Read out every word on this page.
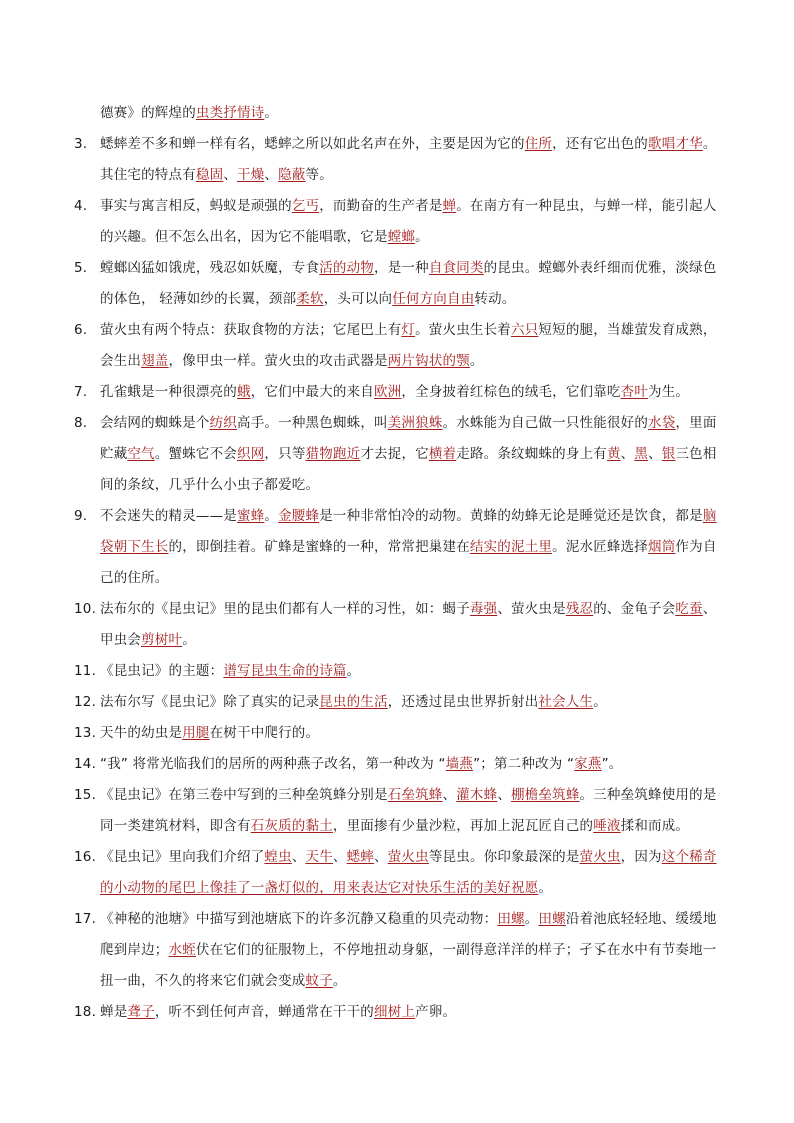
德赛》的辉煌的虫类抒情诗。

3. 蟋蟀差不多和蝉一样有名，蟋蟀之所以如此名声在外，主要是因为它的住所，还有它出色的歌唱才华。其住宅的特点有稳固、干燥、隐蔽等。

4. 事实与寓言相反，蚂蚁是顽强的乞丐，而勤奋的生产者是蝉。在南方有一种昆虫，与蝉一样，能引起人的兴趣。但不怎么出名，因为它不能唱歌，它是螳螂。

5. 螳螂凶猛如饿虎，残忍如妖魔，专食活的动物，是一种自食同类的昆虫。螳螂外表纤细而优雅，淡绿色的体色， 轻薄如纱的长翼，颈部柔软，头可以向任何方向自由转动。

6. 萤火虫有两个特点：获取食物的方法；它尾巴上有灯。萤火虫生长着六只短短的腿，当雄萤发育成熟，会生出翅盖，像甲虫一样。萤火虫的攻击武器是两片钩状的颚。

7. 孔雀蛾是一种很漂亮的蛾，它们中最大的来自欧洲，全身披着红棕色的绒毛，它们靠吃杏叶为生。

8. 会结网的蜘蛛是个纺织高手。一种黑色蜘蛛，叫美洲狼蛛。水蛛能为自己做一只性能很好的水袋，里面贮藏空气。蟹蛛它不会织网，只等猎物跑近才去捉，它横着走路。条纹蜘蛛的身上有黄、黑、银三色相间的条纹，几乎什么小虫子都爱吃。

9. 不会迷失的精灵——是蜜蜂。金腰蜂是一种非常怕冷的动物。黄蜂的幼蜂无论是睡觉还是饮食，都是脑袋朝下生长的，即倒挂着。矿蜂是蜜蜂的一种，常常把巢建在结实的泥土里。泥水匠蜂选择烟筒作为自己的住所。

10. 法布尔的《昆虫记》里的昆虫们都有人一样的习性，如：蝎子毒强、萤火虫是残忍的、金龟子会吃蚕、甲虫会剪树叶。

11. 《昆虫记》的主题：谱写昆虫生命的诗篇。

12. 法布尔写《昆虫记》除了真实的记录昆虫的生活，还透过昆虫世界折射出社会人生。

13. 天牛的幼虫是用腿在树干中爬行的。

14. “我” 将常光临我们的居所的两种燕子改名，第一种改为 “墙燕”；第二种改为 “家燕”。

15. 《昆虫记》在第三卷中写到的三种垒筑蜂分别是石垒筑蜂、灌木蜂、棚檐垒筑蜂。三种垒筑蜂使用的是同一类建筑材料，即含有石灰质的黏土，里面掺有少量沙粒，再加上泥瓦匠自己的唾液揉和而成。

16. 《昆虫记》里向我们介绍了蝗虫、天牛、蟋蟀、萤火虫等昆虫。你印象最深的是萤火虫，因为这个稀奇的小动物的尾巴上像挂了一盏灯似的，用来表达它对快乐生活的美好祝愿。

17. 《神秘的池塘》中描写到池塘底下的许多沉静又稳重的贝壳动物：田螺。田螺沿着池底轻轻地、缓缓地爬到岸边；水蛭伏在它们的征服物上，不停地扭动身躯，一副得意洋洋的样子；孑孓在水中有节奏地一扭一曲，不久的将来它们就会变成蚊子。

18. 蝉是聋子，听不到任何声音，蝉通常在干干的细树上产卵。
